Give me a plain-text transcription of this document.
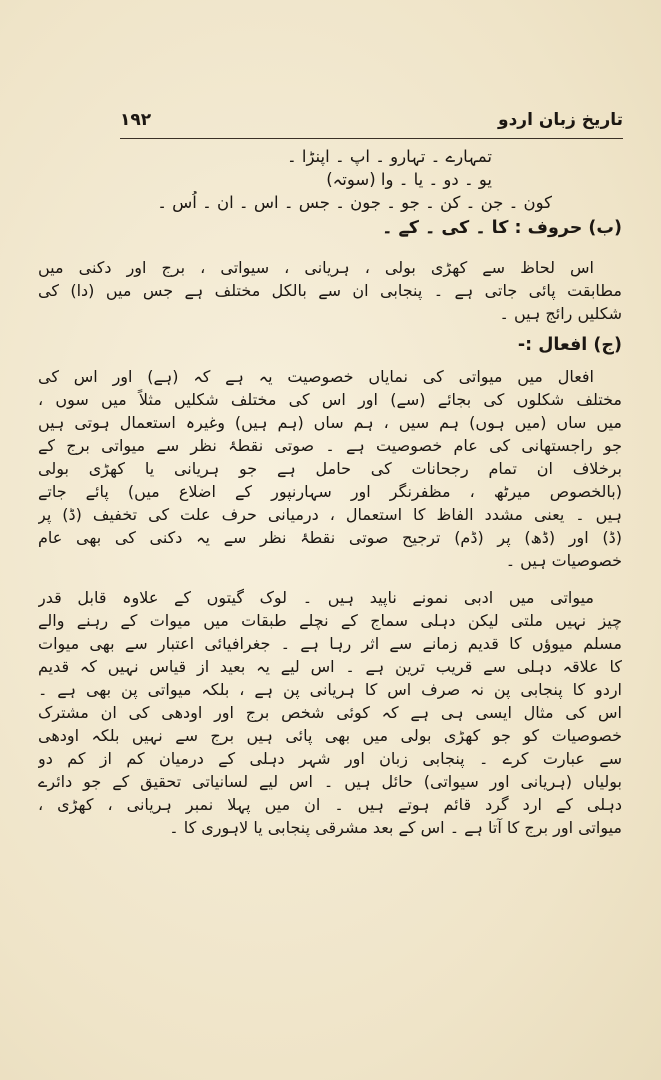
۱۹۲	تاریخ زبان اردو
تمہارے ۔ تہارو ۔ اپ ۔ اپنڑا ۔
یو ۔ دو ۔ یا ۔ وا (سوتہ)
کون ۔ جن ۔ کن ۔ جو ۔ جون ۔ جس ۔ اس ۔ ان ۔ اُس ۔
(ب) حروف : کا ۔ کی ۔ کے ۔
اس لحاظ سے کھڑی بولی ، ہریانی ، سیواتی ، برج اور دکنی میں
مطابقت پائی جاتی ہے ۔ پنجابی ان سے بالکل مختلف ہے جس میں (دا) کی
شکلیں رائج ہیں ۔
(ج) افعال :-
افعال میں میواتی کی نمایاں خصوصیت یہ ہے کہ (ہے) اور اس کی
مختلف شکلوں کی بجائے (سے) اور اس کی مختلف شکلیں مثلاً میں سوں ،
میں ساں (میں ہوں) ہم سیں ، ہم ساں (ہم ہیں) وغیرہ استعمال ہوتی ہیں
جو راجستھانی کی عام خصوصیت ہے ۔ صوتی نقطۂ نظر سے میواتی برج کے
برخلاف ان تمام رجحانات کی حامل ہے جو ہریانی یا کھڑی بولی
(بالخصوص میرٹھ ، مظفرنگر اور سہارنپور کے اضلاع میں) پائے جاتے
ہیں ۔ یعنی مشدد الفاظ کا استعمال ، درمیانی حرف علت کی تخفیف (ڈ) پر
(ڈ) اور (ڈھ) پر (ڈم) ترجیح صوتی نقطۂ نظر سے یہ دکنی کی بھی عام
خصوصیات ہیں ۔
میواتی میں ادبی نمونے ناپید ہیں ۔ لوک گیتوں کے علاوہ قابل قدر
چیز نہیں ملتی لیکن دہلی سماج کے نچلے طبقات میں میوات کے رہنے والے
مسلم میوؤں کا قدیم زمانے سے اثر رہا ہے ۔ جغرافیائی اعتبار سے بھی میوات
کا علاقہ دہلی سے قریب ترین ہے ۔ اس لیے یہ بعید از قیاس نہیں کہ قدیم
اردو کا پنجابی پن نہ صرف اس کا ہریانی پن ہے ، بلکہ میواتی پن بھی ہے ۔
اس کی مثال ایسی ہی ہے کہ کوئی شخص برج اور اودھی کی ان مشترک
خصوصیات کو جو کھڑی بولی میں بھی پائی ہیں برج سے نہیں بلکہ اودھی
سے عبارت کرے ۔ پنجابی زبان اور شہر دہلی کے درمیان کم از کم دو
بولیاں (ہریانی اور سیواتی) حائل ہیں ۔ اس لیے لسانیاتی تحقیق کے جو دائرے
دہلی کے ارد گرد قائم ہوتے ہیں ۔ ان میں پہلا نمبر ہریانی ، کھڑی ،
میواتی اور برج کا آتا ہے ۔ اس کے بعد مشرقی پنجابی یا لاہوری کا ۔
